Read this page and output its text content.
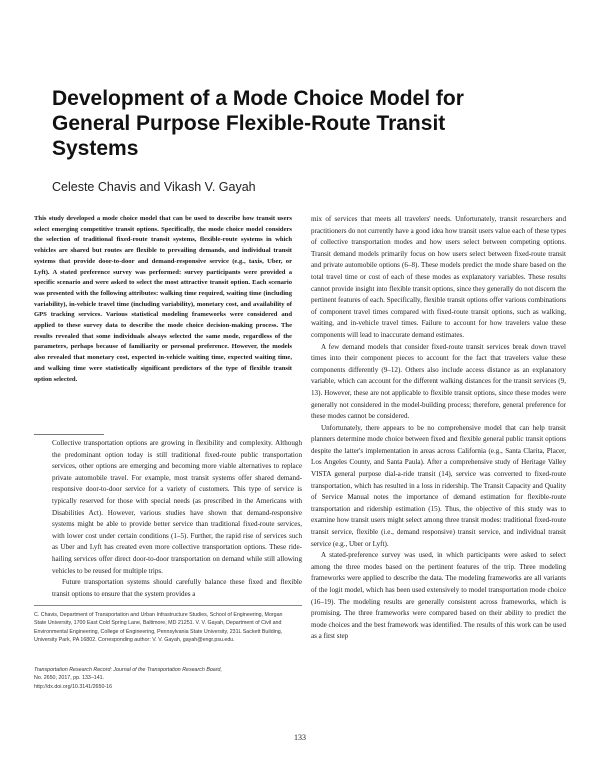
Development of a Mode Choice Model for General Purpose Flexible-Route Transit Systems
Celeste Chavis and Vikash V. Gayah

This study developed a mode choice model that can be used to describe how transit users select emerging competitive transit options. Specifically, the mode choice model considers the selection of traditional fixed-route transit systems, flexible-route systems in which vehicles are shared but routes are flexible to prevailing demands, and individual transit systems that provide door-to-door and demand-responsive service (e.g., taxis, Uber, or Lyft). A stated preference survey was performed: survey participants were provided a specific scenario and were asked to select the most attractive transit option. Each scenario was presented with the following attributes: walking time required, waiting time (including variability), in-vehicle travel time (including variability), monetary cost, and availability of GPS tracking services. Various statistical modeling frameworks were considered and applied to these survey data to describe the mode choice decision-making process. The results revealed that some individuals always selected the same mode, regardless of the parameters, perhaps because of familiarity or personal preference. However, the models also revealed that monetary cost, expected in-vehicle waiting time, expected waiting time, and walking time were statistically significant predictors of the type of flexible transit option selected.

Collective transportation options are growing in flexibility and complexity. Although the predominant option today is still traditional fixed-route public transportation services, other options are emerging and becoming more viable alternatives to replace private automobile travel. For example, most transit systems offer shared demand-responsive door-to-door service for a variety of customers. This type of service is typically reserved for those with special needs (as prescribed in the Americans with Disabilities Act). However, various studies have shown that demand-responsive systems might be able to provide better service than traditional fixed-route services, with lower cost under certain conditions (1–5). Further, the rapid rise of services such as Uber and Lyft has created even more collective transportation options. These ride-hailing services offer direct door-to-door transportation on demand while still allowing vehicles to be reused for multiple trips.

Future transportation systems should carefully balance these fixed and flexible transit options to ensure that the system provides a

C. Chavis, Department of Transportation and Urban Infrastructure Studies, School of Engineering, Morgan State University, 1700 East Cold Spring Lane, Baltimore, MD 21251. V. V. Gayah, Department of Civil and Environmental Engineering, College of Engineering, Pennsylvania State University, 231L Sackett Building, University Park, PA 16802. Corresponding author: V. V. Gayah, gayah@engr.psu.edu.

Transportation Research Record: Journal of the Transportation Research Board,
No. 2650, 2017, pp. 133–141.
http://dx.doi.org/10.3141/2650-16

mix of services that meets all travelers' needs. Unfortunately, transit researchers and practitioners do not currently have a good idea how transit users value each of these types of collective transportation modes and how users select between competing options. Transit demand models primarily focus on how users select between fixed-route transit and private automobile options (6–8). These models predict the mode share based on the total travel time or cost of each of these modes as explanatory variables. These results cannot provide insight into flexible transit options, since they generally do not discern the pertinent features of each. Specifically, flexible transit options offer various combinations of component travel times compared with fixed-route transit options, such as walking, waiting, and in-vehicle travel times. Failure to account for how travelers value these components will lead to inaccurate demand estimates.

A few demand models that consider fixed-route transit services break down travel times into their component pieces to account for the fact that travelers value these components differently (9–12). Others also include access distance as an explanatory variable, which can account for the different walking distances for the transit services (9, 13). However, these are not applicable to flexible transit options, since these modes were generally not considered in the model-building process; therefore, general preference for these modes cannot be considered.

Unfortunately, there appears to be no comprehensive model that can help transit planners determine mode choice between fixed and flexible general public transit options despite the latter's implementation in areas across California (e.g., Santa Clarita, Placer, Los Angeles County, and Santa Paula). After a comprehensive study of Heritage Valley VISTA general purpose dial-a-ride transit (14), service was converted to fixed-route transportation, which has resulted in a loss in ridership. The Transit Capacity and Quality of Service Manual notes the importance of demand estimation for flexible-route transportation and ridership estimation (15). Thus, the objective of this study was to examine how transit users might select among three transit modes: traditional fixed-route transit service, flexible (i.e., demand responsive) transit service, and individual transit service (e.g., Uber or Lyft).

A stated-preference survey was used, in which participants were asked to select among the three modes based on the pertinent features of the trip. Three modeling frameworks were applied to describe the data. The modeling frameworks are all variants of the logit model, which has been used extensively to model transportation mode choice (16–19). The modeling results are generally consistent across frameworks, which is promising. The three frameworks were compared based on their ability to predict the mode choices and the best framework was identified. The results of this work can be used as a first step

133
